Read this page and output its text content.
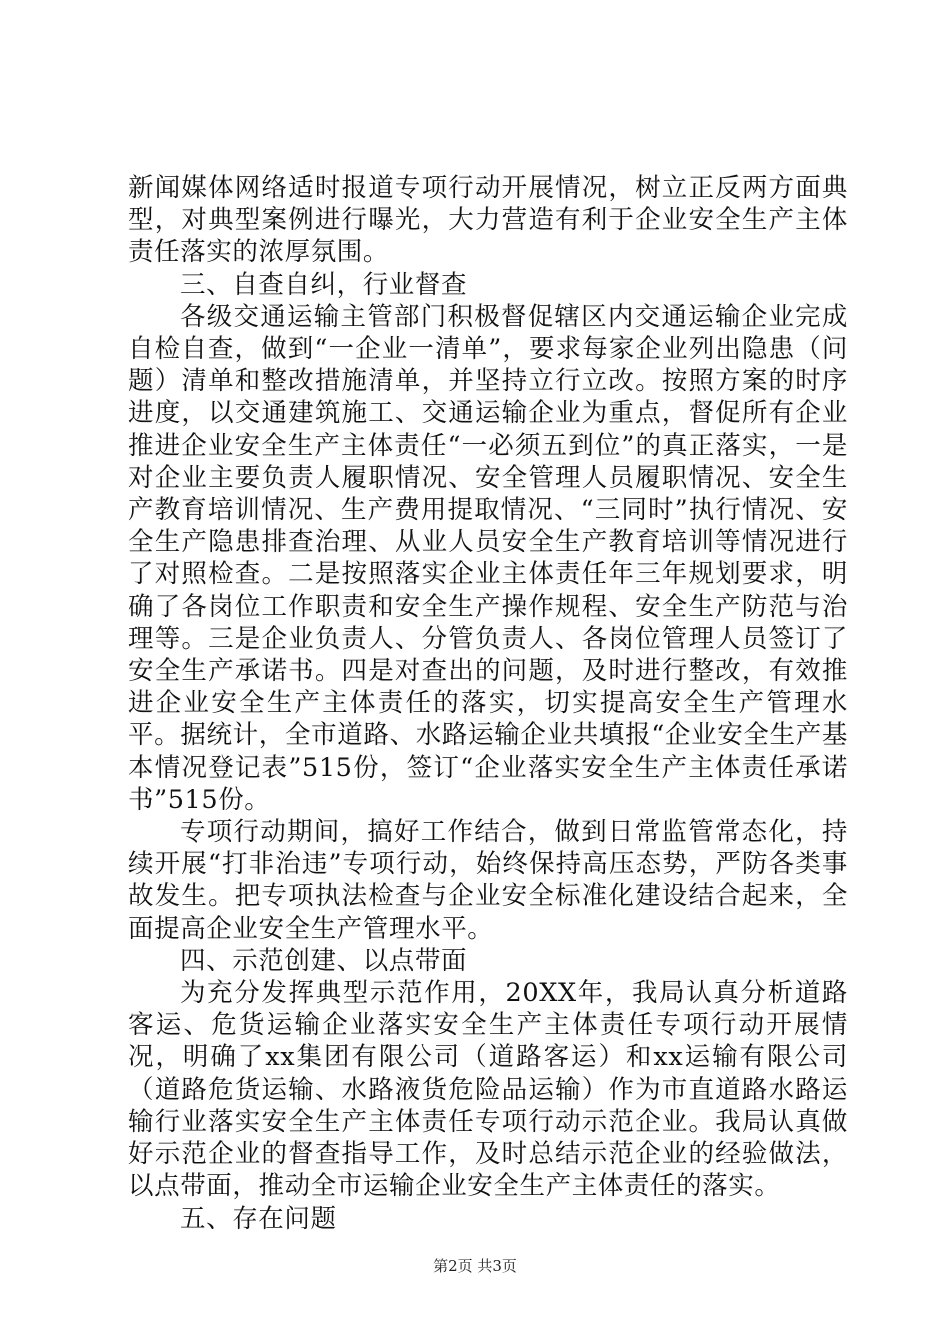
新闻媒体网络适时报道专项行动开展情况，树立正反两方面典型，对典型案例进行曝光，大力营造有利于企业安全生产主体责任落实的浓厚氛围。

三、自查自纠，行业督查

各级交通运输主管部门积极督促辖区内交通运输企业完成自检自查，做到“一企业一清单”，要求每家企业列出隐患（问题）清单和整改措施清单，并坚持立行立改。按照方案的时序进度，以交通建筑施工、交通运输企业为重点，督促所有企业推进企业安全生产主体责任“一必须五到位”的真正落实，一是对企业主要负责人履职情况、安全管理人员履职情况、安全生产教育培训情况、生产费用提取情况、“三同时”执行情况、安全生产隐患排查治理、从业人员安全生产教育培训等情况进行了对照检查。二是按照落实企业主体责任年三年规划要求，明确了各岗位工作职责和安全生产操作规程、安全生产防范与治理等。三是企业负责人、分管负责人、各岗位管理人员签订了安全生产承诺书。四是对查出的问题，及时进行整改，有效推进企业安全生产主体责任的落实，切实提高安全生产管理水平。据统计，全市道路、水路运输企业共填报“企业安全生产基本情况登记表”515份，签订“企业落实安全生产主体责任承诺书”515份。

专项行动期间，搞好工作结合，做到日常监管常态化，持续开展“打非治违”专项行动，始终保持高压态势，严防各类事故发生。把专项执法检查与企业安全标准化建设结合起来，全面提高企业安全生产管理水平。

四、示范创建、以点带面

为充分发挥典型示范作用，20XX年，我局认真分析道路客运、危货运输企业落实安全生产主体责任专项行动开展情况，明确了xx集团有限公司（道路客运）和xx运输有限公司（道路危货运输、水路液货危险品运输）作为市直道路水路运输行业落实安全生产主体责任专项行动示范企业。我局认真做好示范企业的督查指导工作，及时总结示范企业的经验做法，以点带面，推动全市运输企业安全生产主体责任的落实。

五、存在问题

第2页 共3页
